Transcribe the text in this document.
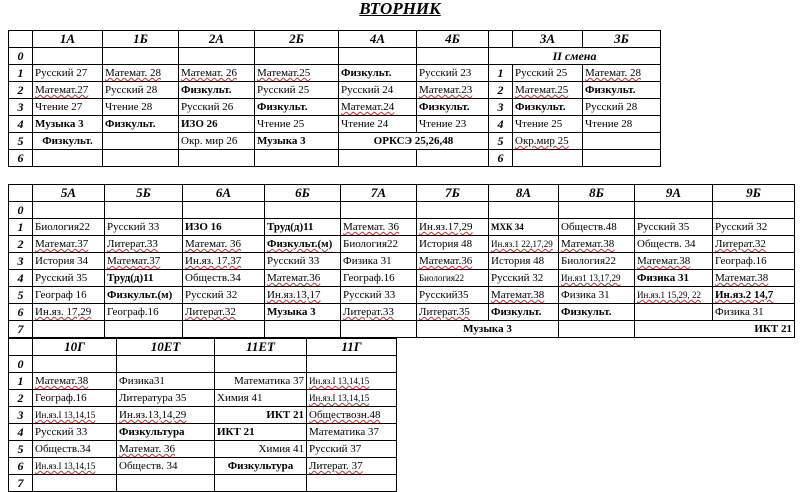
ВТОРНИК
	1А	1Б	2А	2Б	4А	4Б		3А	3Б
0							II смена		
1	Русский 27	Математ. 28	Математ. 26	Математ.25	Физкульт.	Русский 23	1	Русский 25	Математ. 28
2	Математ.27	Русский 28	Физкульт.	Русский 25	Русский 24	Математ.23	2	Математ.25	Физкульт.
3	Чтение 27	Чтение 28	Русский 26	Физкульт.	Математ.24	Физкульт.	3	Физкульт.	Русский 28
4	Музыка 3	Физкульт.	ИЗО 26	Чтение 25	Чтение 24	Чтение 23	4	Чтение 25	Чтение 28
5	Физкульт.		Окр. мир 26	Музыка 3	ОРКСЭ 25,26,48		5	Окр.мир 25	
6							6		
	5А	5Б	6А	6Б	7А	7Б	8А	8Б	9А	9Б	
0											
1	Биология22	Русский 33	ИЗО 16	Труд(д)11	Математ. 36	Ин.яз.17,29	МХК 34	Обществ.48	Русский 35	Русский 32	
2	Математ.37	Литерат.33	Математ. 36	Физкульт.(м)	Биология22	История 48	Ин.яз.1 22,17,29	Математ.38	Обществ. 34	Литерат.32	
3	История 34	Математ.37	Ин.яз. 17,37	Русский 33	Физика 31	Математ.36	История 48	Биология22	Математ.38	Географ.16	
4	Русский 35	Труд(д)11	Обществ.34	Математ.36	Географ.16	Биология22	Русский 32	Ин.яз1 13,17,29	Физика 31	Математ.38	
5	Географ 16	Физкульт.(м)	Русский 32	Ин.яз.13,17	Русский 33	Русский35	Математ.38	Физика 31	Ин.яз.1 15,29, 22	Ин.яз.2 14,7	
6	Ин.яз. 17,29	Географ.16	Литерат.32	Музыка 3	Литерат.33	Литерат.35	Физкульт.	Физкульт.		Физика 31	
7						Музыка 3			ИКТ 21		
	10Г	10ЕТ	11ЕТ	11Г
0				
1	Математ.38	Физика31	Математика 37	Ин.яз.I 13,14,15
2	Географ.16	Литература 35	Химия 41	Ин.яз.I 13,14,15
3	Ин.яз.I 13,14,15	Ин.яз.13,14,29	ИКТ 21	Обществозн.48
4	Русский 33	Физкультура	ИКТ 21	Математика 37
5	Обществ.34	Математ. 36	Химия 41	Русский 37
6	Ин.яз.I 13,14,15	Обществ. 34	Физкультура	Литерат. 37
7				
